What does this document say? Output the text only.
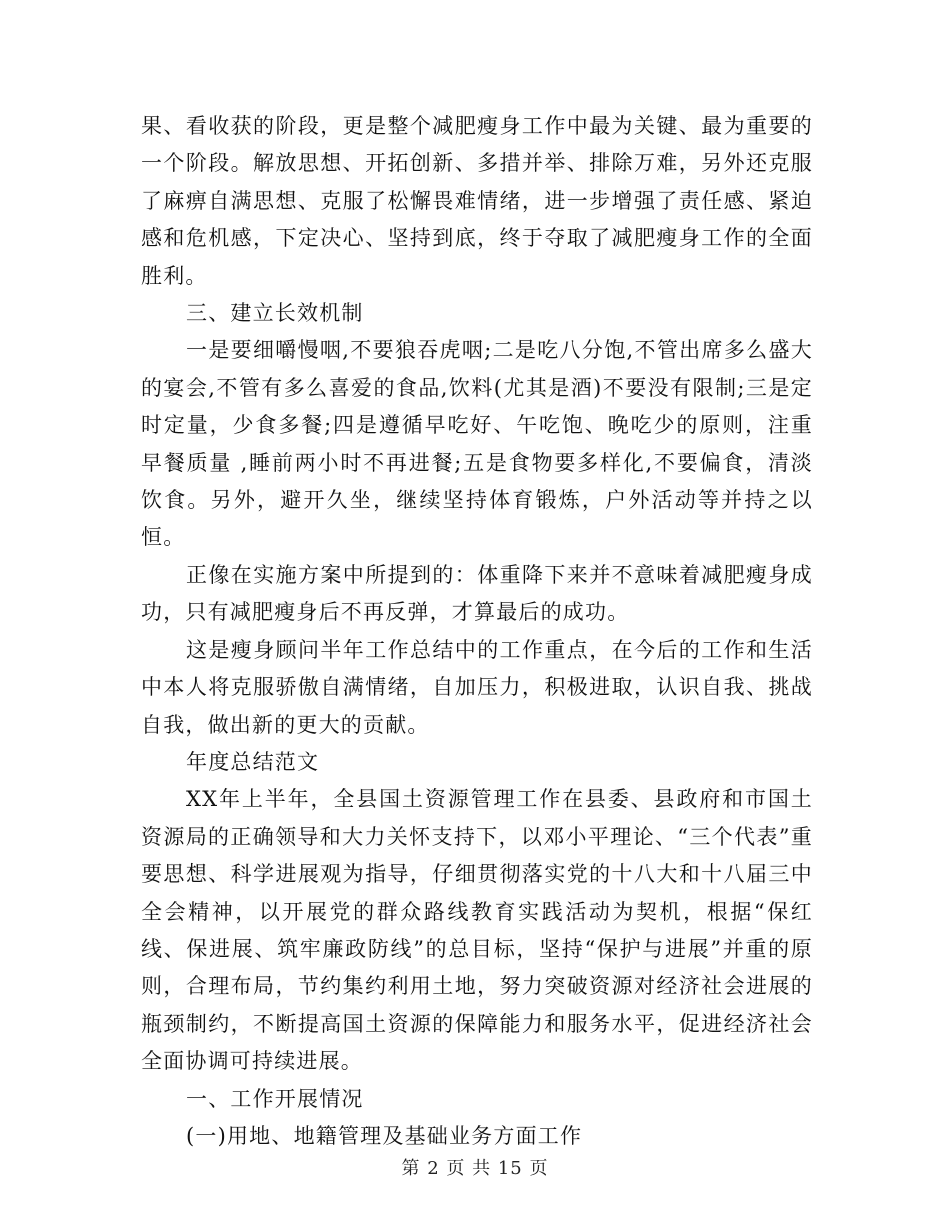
果、看收获的阶段，更是整个减肥瘦身工作中最为关键、最为重要的一个阶段。解放思想、开拓创新、多措并举、排除万难，另外还克服了麻痹自满思想、克服了松懈畏难情绪，进一步增强了责任感、紧迫感和危机感，下定决心、坚持到底，终于夺取了减肥瘦身工作的全面胜利。

三、建立长效机制

一是要细嚼慢咽,不要狼吞虎咽;二是吃八分饱,不管出席多么盛大的宴会,不管有多么喜爱的食品,饮料(尤其是酒)不要没有限制;三是定时定量，少食多餐;四是遵循早吃好、午吃饱、晚吃少的原则，注重早餐质量 ,睡前两小时不再进餐;五是食物要多样化,不要偏食，清淡饮食。另外，避开久坐，继续坚持体育锻炼，户外活动等并持之以恒。

正像在实施方案中所提到的：体重降下来并不意味着减肥瘦身成功，只有减肥瘦身后不再反弹，才算最后的成功。

这是瘦身顾问半年工作总结中的工作重点，在今后的工作和生活中本人将克服骄傲自满情绪，自加压力，积极进取，认识自我、挑战自我，做出新的更大的贡献。

年度总结范文

XX年上半年，全县国土资源管理工作在县委、县政府和市国土资源局的正确领导和大力关怀支持下，以邓小平理论、“三个代表”重要思想、科学进展观为指导，仔细贯彻落实党的十八大和十八届三中全会精神，以开展党的群众路线教育实践活动为契机，根据“保红线、保进展、筑牢廉政防线”的总目标，坚持“保护与进展”并重的原则，合理布局，节约集约利用土地，努力突破资源对经济社会进展的瓶颈制约，不断提高国土资源的保障能力和服务水平，促进经济社会全面协调可持续进展。

一、工作开展情况

(一)用地、地籍管理及基础业务方面工作

第 2 页 共 15 页
